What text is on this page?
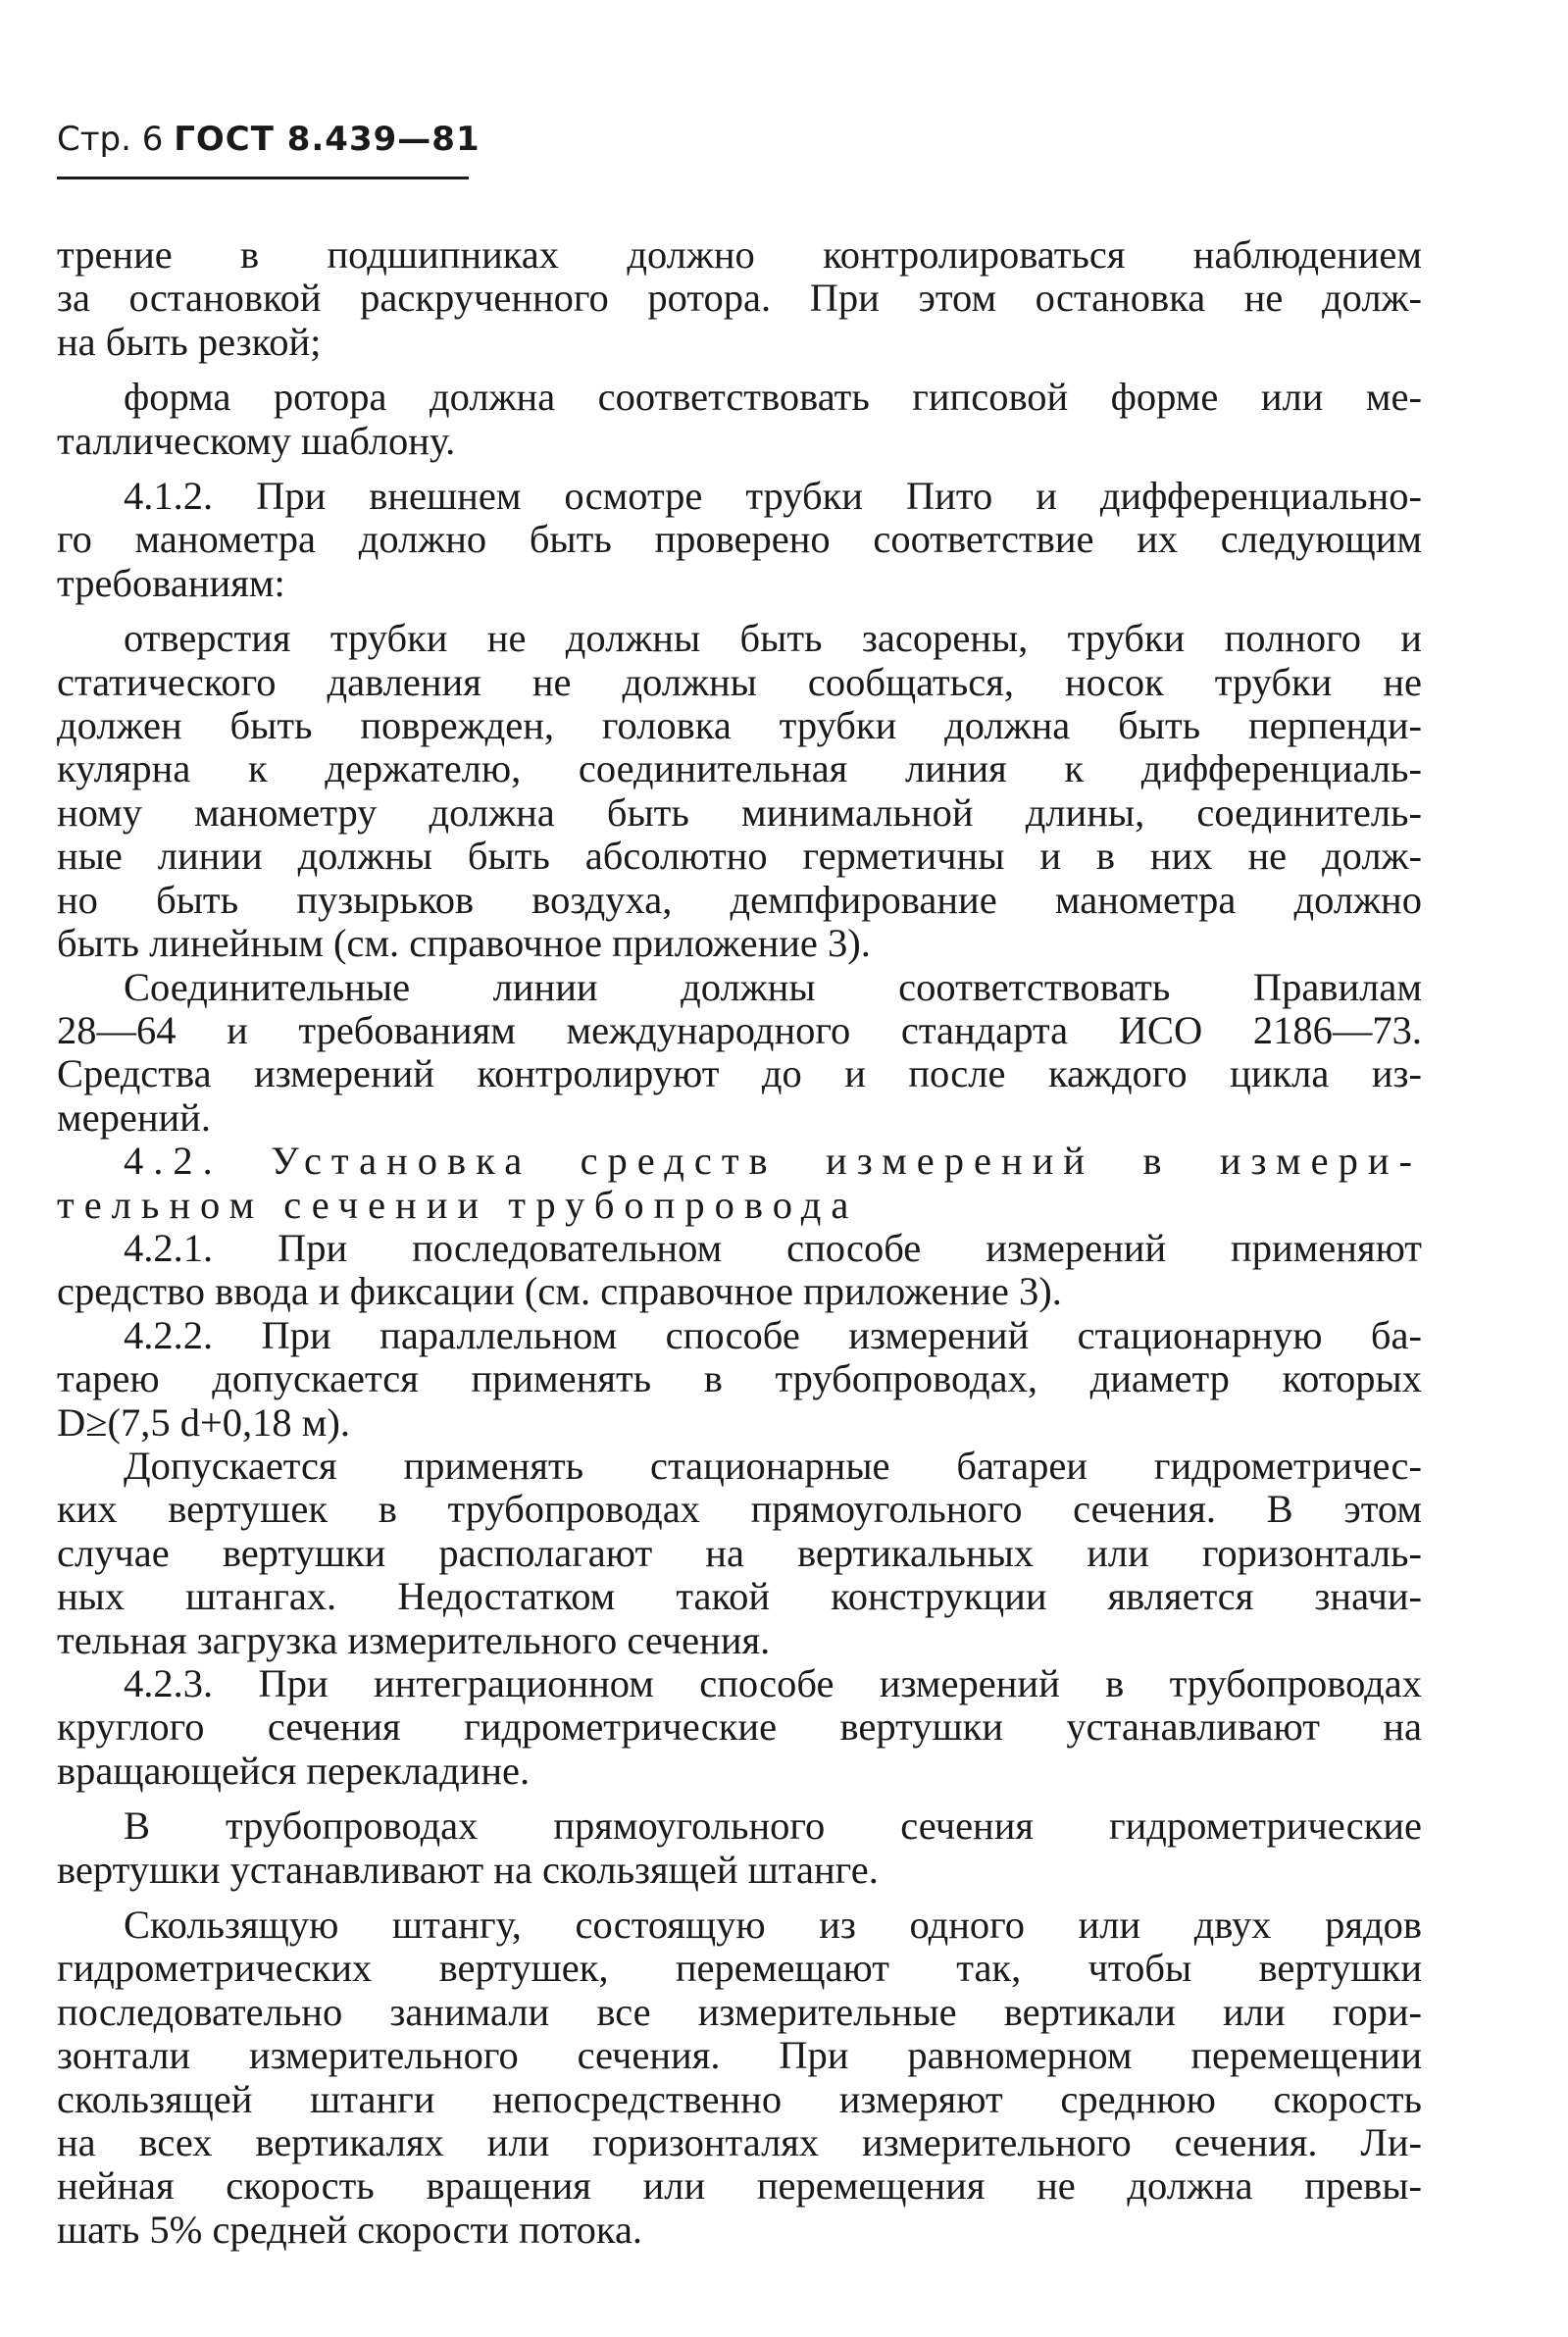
Стр. 6 ГОСТ 8.439—81
трение в подшипниках должно контролироваться наблюдением
за остановкой раскрученного ротора. При этом остановка не долж-
на быть резкой;
форма ротора должна соответствовать гипсовой форме или ме-
таллическому шаблону.
4.1.2. При внешнем осмотре трубки Пито и дифференциально-
го манометра должно быть проверено соответствие их следующим
требованиям:
отверстия трубки не должны быть засорены, трубки полного и
статического давления не должны сообщаться, носок трубки не
должен быть поврежден, головка трубки должна быть перпенди-
кулярна к держателю, соединительная линия к дифференциаль-
ному манометру должна быть минимальной длины, соединитель-
ные линии должны быть абсолютно герметичны и в них не долж-
но быть пузырьков воздуха, демпфирование манометра должно
быть линейным (см. справочное приложение 3).
Соединительные линии должны соответствовать Правилам
28—64 и требованиям международного стандарта ИСО 2186—73.
Средства измерений контролируют до и после каждого цикла из-
мерений.
4.2. Установка средств измерений в измери-
тельном сечении трубопровода
4.2.1. При последовательном способе измерений применяют
средство ввода и фиксации (см. справочное приложение 3).
4.2.2. При параллельном способе измерений стационарную ба-
тарею допускается применять в трубопроводах, диаметр которых
D≥(7,5 d+0,18 м).
Допускается применять стационарные батареи гидрометричес-
ких вертушек в трубопроводах прямоугольного сечения. В этом
случае вертушки располагают на вертикальных или горизонталь-
ных штангах. Недостатком такой конструкции является значи-
тельная загрузка измерительного сечения.
4.2.3. При интеграционном способе измерений в трубопроводах
круглого сечения гидрометрические вертушки устанавливают на
вращающейся перекладине.
В трубопроводах прямоугольного сечения гидрометрические
вертушки устанавливают на скользящей штанге.
Скользящую штангу, состоящую из одного или двух рядов
гидрометрических вертушек, перемещают так, чтобы вертушки
последовательно занимали все измерительные вертикали или гори-
зонтали измерительного сечения. При равномерном перемещении
скользящей штанги непосредственно измеряют среднюю скорость
на всех вертикалях или горизонталях измерительного сечения. Ли-
нейная скорость вращения или перемещения не должна превы-
шать 5% средней скорости потока.
